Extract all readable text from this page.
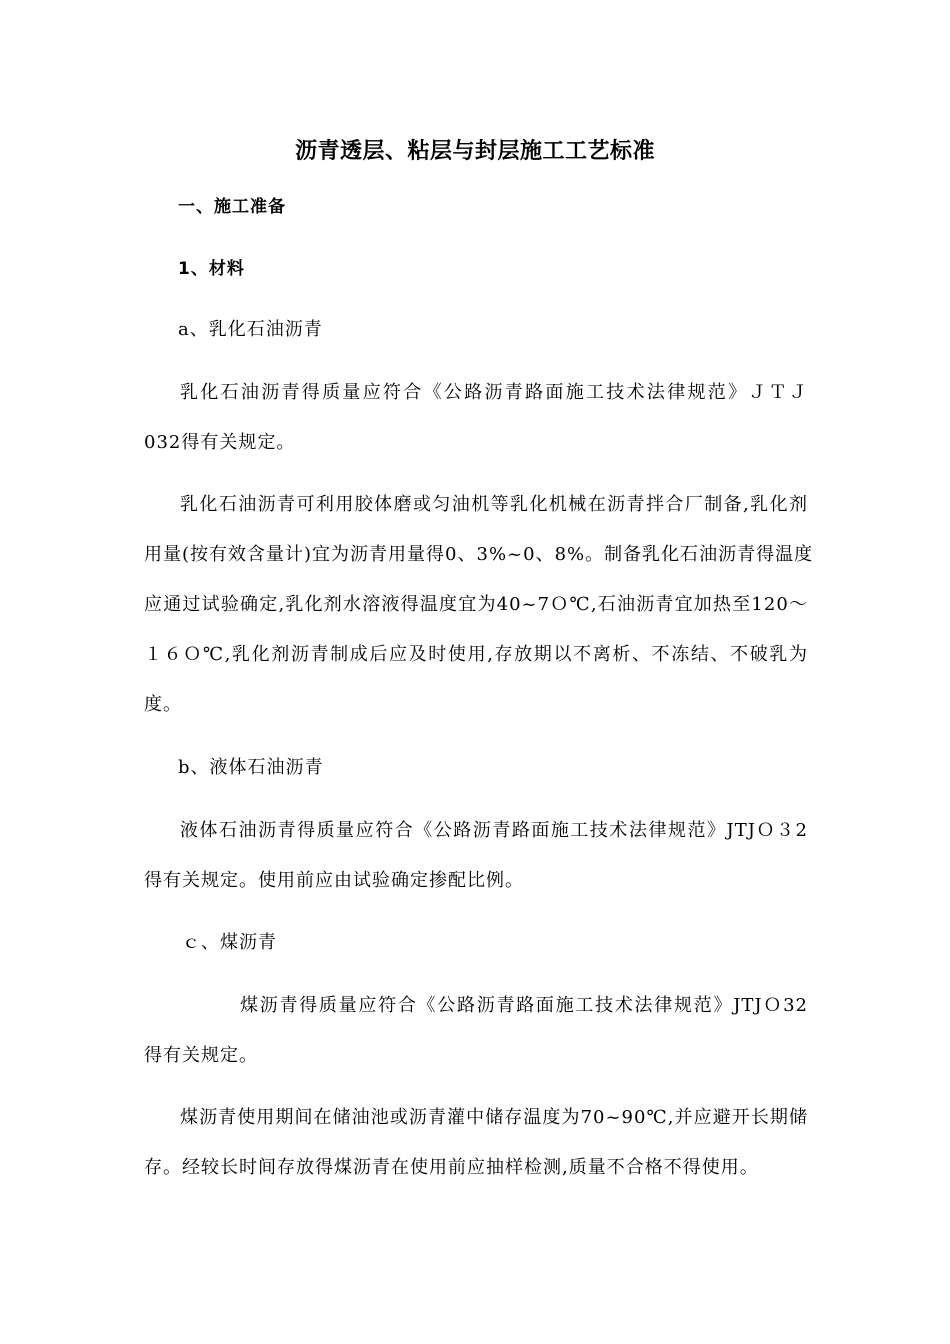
沥青透层、粘层与封层施工工艺标准
一、施工准备
1、材料
a、乳化石油沥青
乳化石油沥青得质量应符合《公路沥青路面施工技术法律规范》ＪＴＪ
032得有关规定。
乳化石油沥青可利用胶体磨或匀油机等乳化机械在沥青拌合厂制备,乳化剂
用量(按有效含量计)宜为沥青用量得0、3%~0、8%。制备乳化石油沥青得温度
应通过试验确定,乳化剂水溶液得温度宜为40~7Ｏ℃,石油沥青宜加热至120～
１６Ｏ℃,乳化剂沥青制成后应及时使用,存放期以不离析、不冻结、不破乳为
度。
b、液体石油沥青
液体石油沥青得质量应符合《公路沥青路面施工技术法律规范》JTJＯ３2
得有关规定。使用前应由试验确定掺配比例。
ｃ、煤沥青
煤沥青得质量应符合《公路沥青路面施工技术法律规范》JTJＯ32
得有关规定。
煤沥青使用期间在储油池或沥青灌中储存温度为70~90℃,并应避开长期储
存。经较长时间存放得煤沥青在使用前应抽样检测,质量不合格不得使用。
